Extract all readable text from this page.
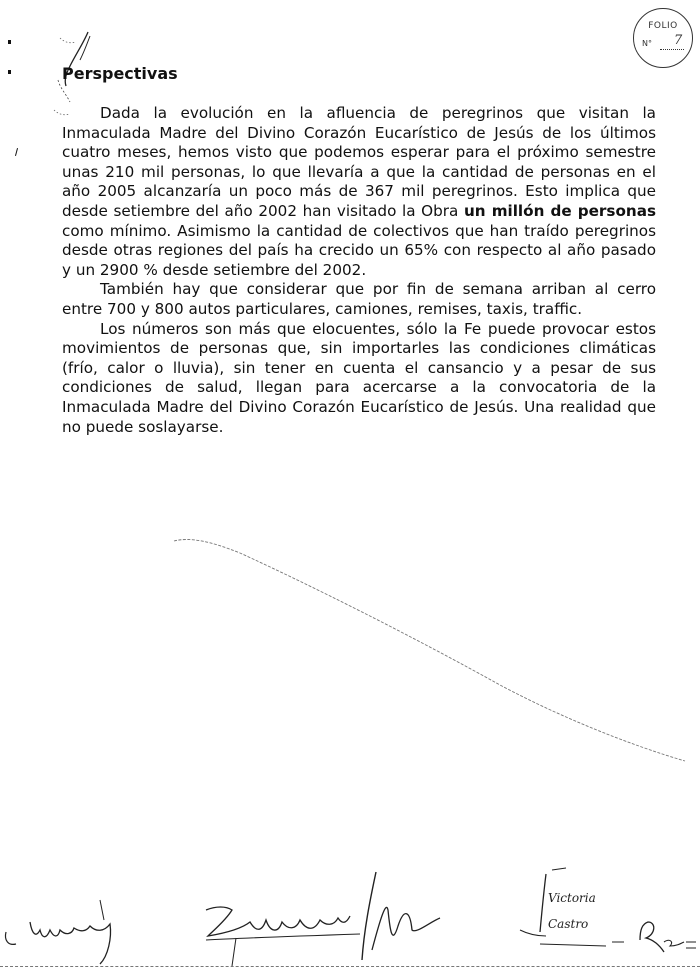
FOLIO
N° 7
Perspectivas

Dada la evolución en la afluencia de peregrinos que visitan la Inmaculada Madre del Divino Corazón Eucarístico de Jesús de los últimos cuatro meses, hemos visto que podemos esperar para el próximo semestre unas 210 mil personas, lo que llevaría a que la cantidad de personas en el año 2005 alcanzaría un poco más de 367 mil peregrinos. Esto implica que desde setiembre del año 2002 han visitado la Obra un millón de personas como mínimo. Asimismo la cantidad de colectivos que han traído peregrinos desde otras regiones del país ha crecido un 65% con respecto al año pasado y un 2900 % desde setiembre del 2002.

También hay que considerar que por fin de semana arriban al cerro entre 700 y 800 autos particulares, camiones, remises, taxis, traffic.

Los números son más que elocuentes, sólo la Fe puede provocar estos movimientos de personas que, sin importarles las condiciones climáticas (frío, calor o lluvia), sin tener en cuenta el cansancio y a pesar de sus condiciones de salud, llegan para acercarse a la convocatoria de la Inmaculada Madre del Divino Corazón Eucarístico de Jesús. Una realidad que no puede soslayarse.

Victoria Castro
